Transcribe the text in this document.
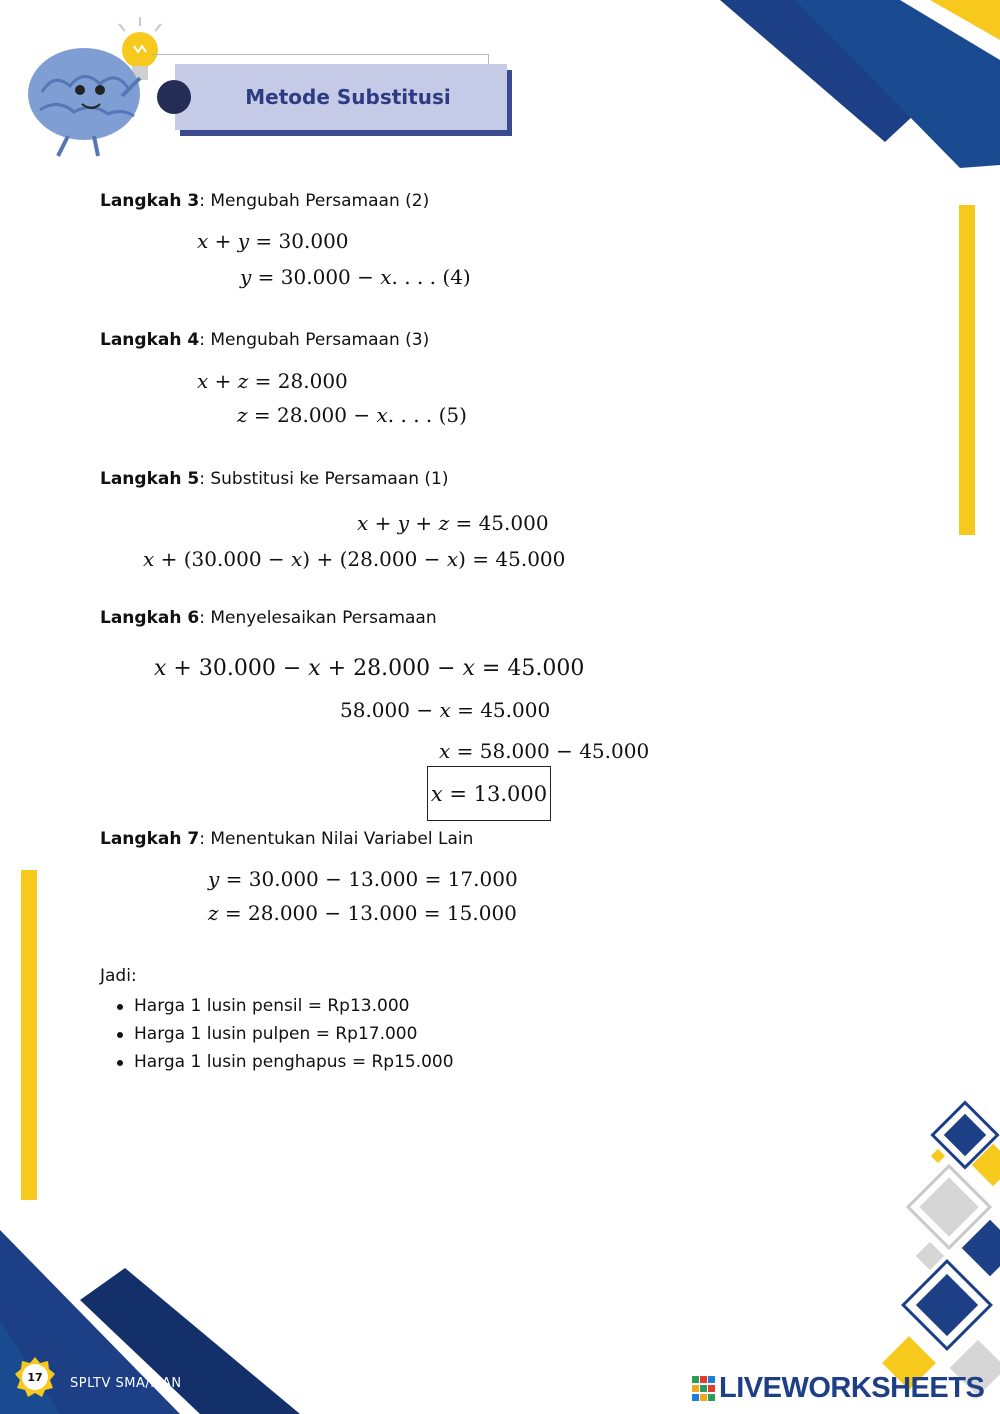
Metode Substitusi
Langkah 3: Mengubah Persamaan (2)
x + y = 30.000
y = 30.000 − x. . . . (4)
Langkah 4: Mengubah Persamaan (3)
x + z = 28.000
z = 28.000 − x. . . . (5)
Langkah 5: Substitusi ke Persamaan (1)
x + y + z = 45.000
x + (30.000 − x) + (28.000 − x) = 45.000
Langkah 6: Menyelesaikan Persamaan
x + 30.000 − x + 28.000 − x = 45.000
58.000 − x = 45.000
x = 58.000 − 45.000
x = 13.000
Langkah 7: Menentukan Nilai Variabel Lain
y = 30.000 − 13.000 = 17.000
z = 28.000 − 13.000 = 15.000
Jadi:
Harga 1 lusin pensil = Rp13.000
Harga 1 lusin pulpen = Rp17.000
Harga 1 lusin penghapus = Rp15.000
17	SPLTV SMA/MAN	LIVEWORKSHEETS
